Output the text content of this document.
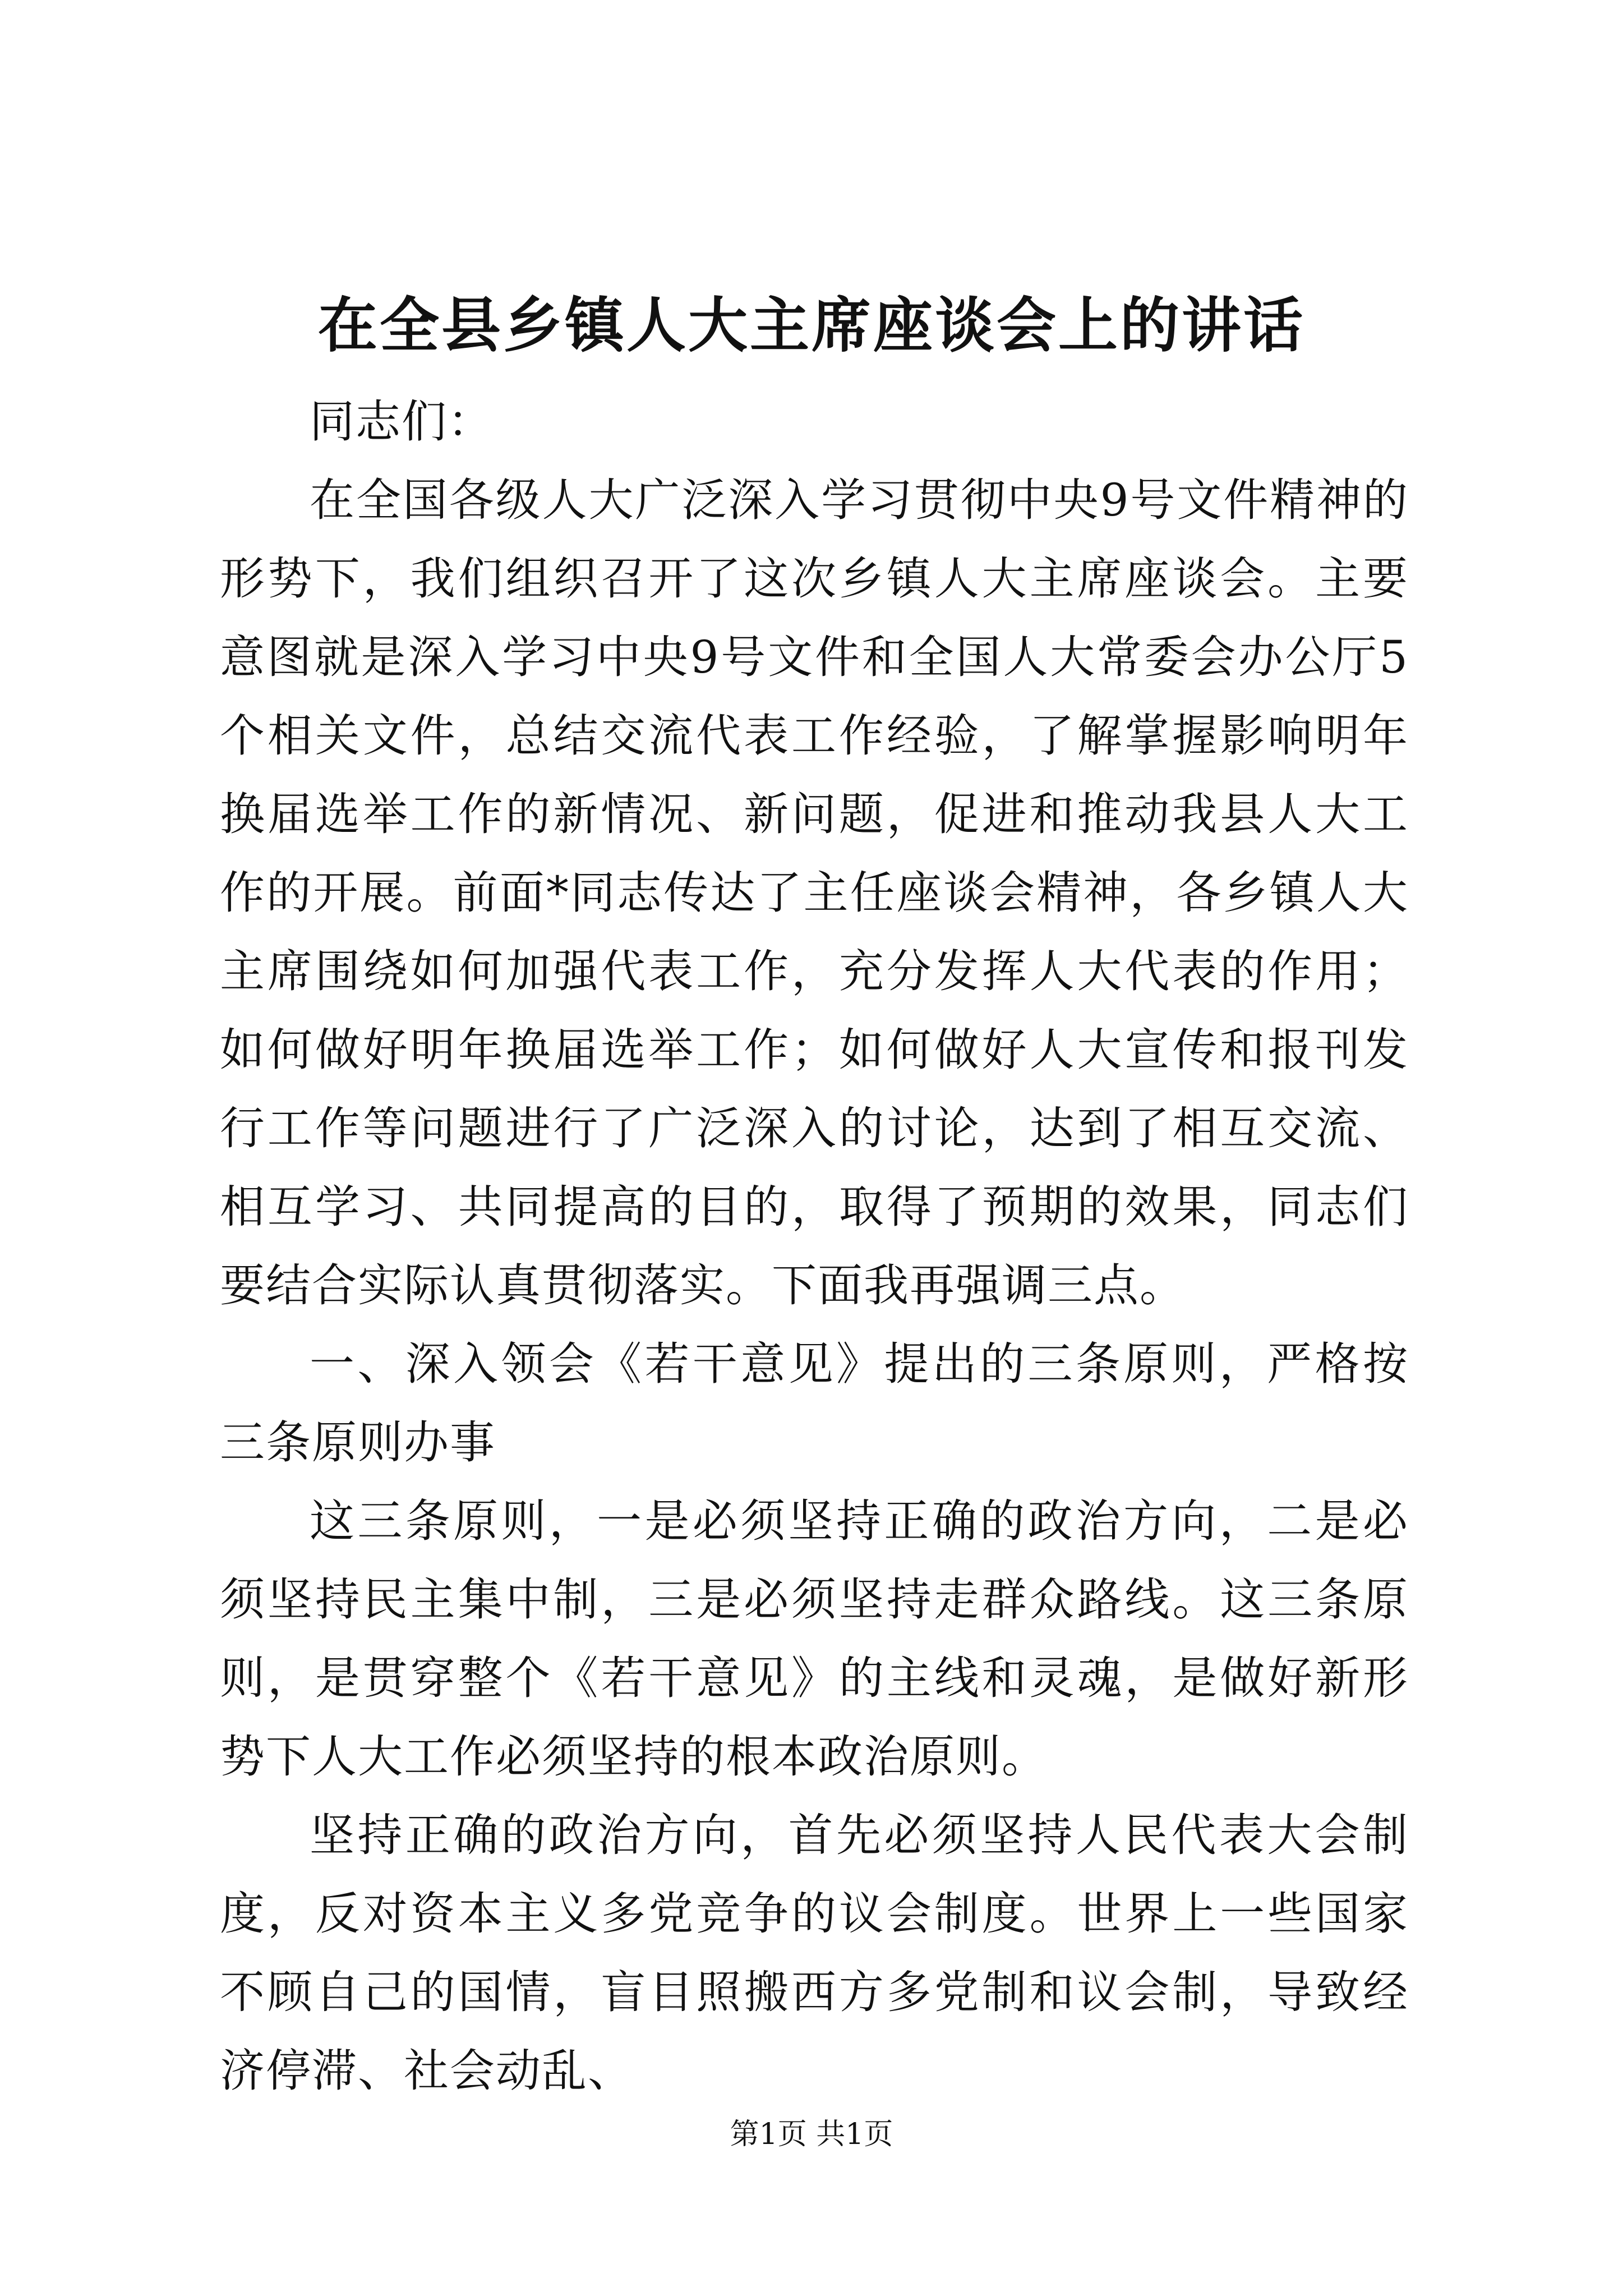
在全县乡镇人大主席座谈会上的讲话

同志们：

在全国各级人大广泛深入学习贯彻中央9号文件精神的形势下，我们组织召开了这次乡镇人大主席座谈会。主要意图就是深入学习中央9号文件和全国人大常委会办公厅5个相关文件，总结交流代表工作经验，了解掌握影响明年换届选举工作的新情况、新问题，促进和推动我县人大工作的开展。前面*同志传达了主任座谈会精神，各乡镇人大主席围绕如何加强代表工作，充分发挥人大代表的作用；如何做好明年换届选举工作；如何做好人大宣传和报刊发行工作等问题进行了广泛深入的讨论，达到了相互交流、相互学习、共同提高的目的，取得了预期的效果，同志们要结合实际认真贯彻落实。下面我再强调三点。

一、深入领会《若干意见》提出的三条原则，严格按三条原则办事

这三条原则，一是必须坚持正确的政治方向，二是必须坚持民主集中制，三是必须坚持走群众路线。这三条原则，是贯穿整个《若干意见》的主线和灵魂，是做好新形势下人大工作必须坚持的根本政治原则。

坚持正确的政治方向，首先必须坚持人民代表大会制度，反对资本主义多党竞争的议会制度。世界上一些国家不顾自己的国情，盲目照搬西方多党制和议会制，导致经济停滞、社会动乱、

第1页 共1页
